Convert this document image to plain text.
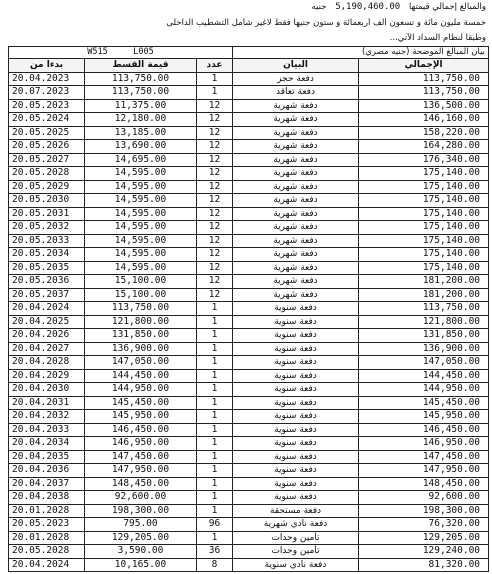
جنيه 5,190,460.00 والمبالغ إجمالي قيمتها
خمسة مليون مائة و تسعون ألف أربعمائة و ستون جنيها فقط لاغير شامل التشطيب الداخلى
وطبقا لنظام السداد الآتي...
W515 L005			بيان المبالغ الموضحة (جنيه مصري)	
بدءا من	قيمة القسط	عدد	البيان	الإجمالي
20.04.2023	113,750.00	1	دفعة حجز	113,750.00
20.07.2023	113,750.00	1	دفعة تعاقد	113,750.00
20.05.2023	11,375.00	12	دفعة شهرية	136,500.00
20.05.2024	12,180.00	12	دفعة شهرية	146,160.00
20.05.2025	13,185.00	12	دفعة شهرية	158,220.00
20.05.2026	13,690.00	12	دفعة شهرية	164,280.00
20.05.2027	14,695.00	12	دفعة شهرية	176,340.00
20.05.2028	14,595.00	12	دفعة شهرية	175,140.00
20.05.2029	14,595.00	12	دفعة شهرية	175,140.00
20.05.2030	14,595.00	12	دفعة شهرية	175,140.00
20.05.2031	14,595.00	12	دفعة شهرية	175,140.00
20.05.2032	14,595.00	12	دفعة شهرية	175,140.00
20.05.2033	14,595.00	12	دفعة شهرية	175,140.00
20.05.2034	14,595.00	12	دفعة شهرية	175,140.00
20.05.2035	14,595.00	12	دفعة شهرية	175,140.00
20.05.2036	15,100.00	12	دفعة شهرية	181,200.00
20.05.2037	15,100.00	12	دفعة شهرية	181,200.00
20.04.2024	113,750.00	1	دفعة سنوية	113,750.00
20.04.2025	121,800.00	1	دفعة سنوية	121,800.00
20.04.2026	131,850.00	1	دفعة سنوية	131,850.00
20.04.2027	136,900.00	1	دفعة سنوية	136,900.00
20.04.2028	147,050.00	1	دفعة سنوية	147,050.00
20.04.2029	144,450.00	1	دفعة سنوية	144,450.00
20.04.2030	144,950.00	1	دفعة سنوية	144,950.00
20.04.2031	145,450.00	1	دفعة سنوية	145,450.00
20.04.2032	145,950.00	1	دفعة سنوية	145,950.00
20.04.2033	146,450.00	1	دفعة سنوية	146,450.00
20.04.2034	146,950.00	1	دفعة سنوية	146,950.00
20.04.2035	147,450.00	1	دفعة سنوية	147,450.00
20.04.2036	147,950.00	1	دفعة سنوية	147,950.00
20.04.2037	148,450.00	1	دفعة سنوية	148,450.00
20.04.2038	92,600.00	1	دفعة سنوية	92,600.00
20.01.2028	198,300.00	1	دفعة مستحقة	198,300.00
20.05.2023	795.00	96	دفعة نادي شهرية	76,320.00
20.01.2028	129,205.00	1	تأمين وحدات	129,205.00
20.05.2028	3,590.00	36	تأمين وحدات	129,240.00
20.04.2024	10,165.00	8	دفعة نادي سنوية	81,320.00
